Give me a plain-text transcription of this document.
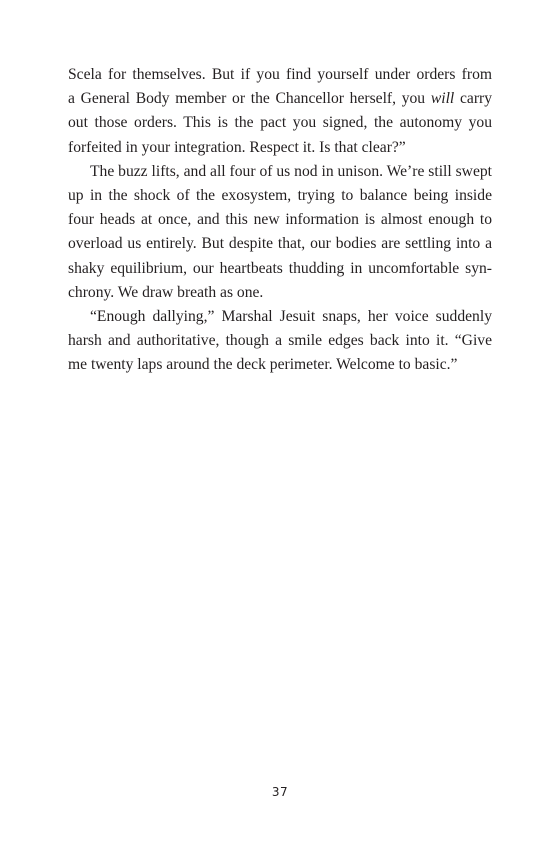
Scela for themselves. But if you find yourself under orders from
a General Body member or the Chancellor herself, you will carry
out those orders. This is the pact you signed, the autonomy you
forfeited in your integration. Respect it. Is that clear?”
The buzz lifts, and all four of us nod in unison. We’re still swept
up in the shock of the exosystem, trying to balance being inside
four heads at once, and this new information is almost enough to
overload us entirely. But despite that, our bodies are settling into a
shaky equilibrium, our heartbeats thudding in uncomfortable syn-
chrony. We draw breath as one.
“Enough dallying,” Marshal Jesuit snaps, her voice suddenly
harsh and authoritative, though a smile edges back into it. “Give
me twenty laps around the deck perimeter. Welcome to basic.”
37
